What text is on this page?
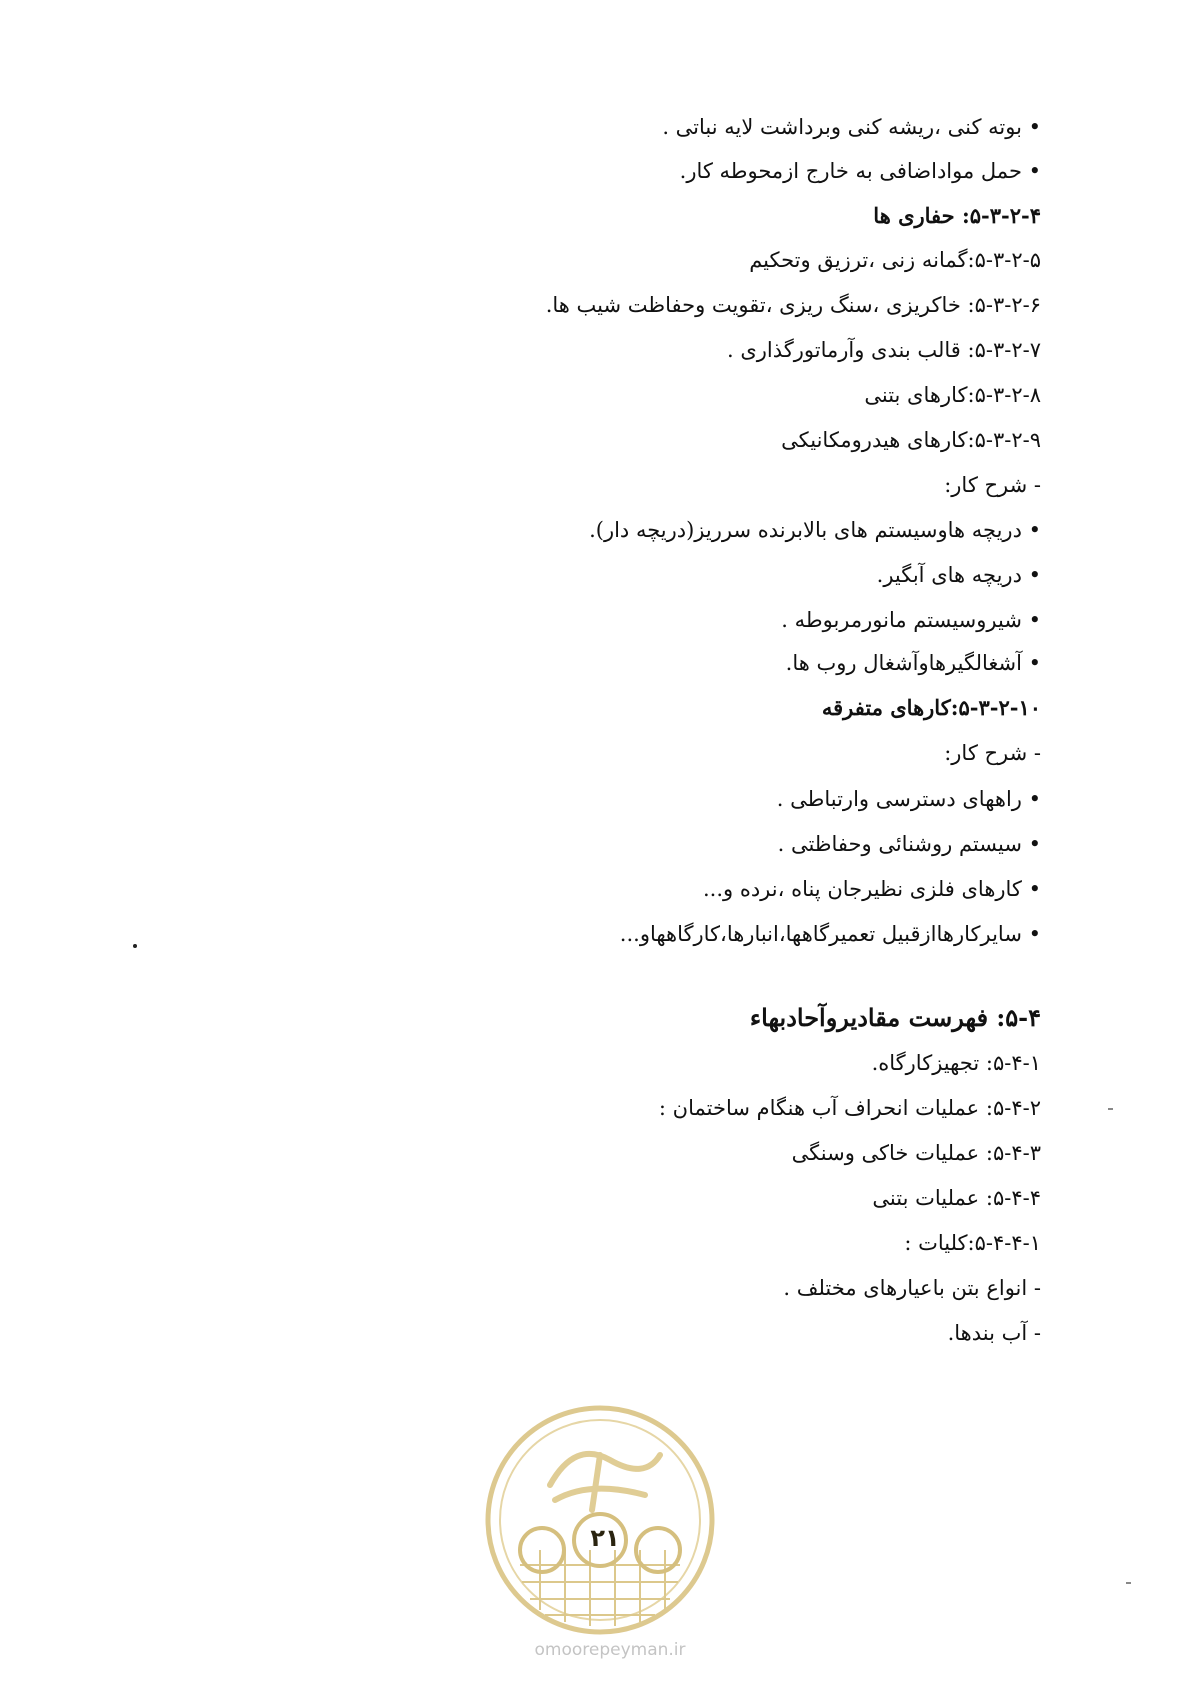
• بوته کنی ،ریشه کنی وبرداشت لایه نباتی .
• حمل مواداضافی به خارج ازمحوطه کار.
۵-۳-۲-۴: حفاری ها
۵-۳-۲-۵:گمانه زنی ،ترزیق وتحکیم
۵-۳-۲-۶: خاکریزی ،سنگ ریزی ،تقویت وحفاظت شیب ها.
۵-۳-۲-۷: قالب بندی وآرماتورگذاری .
۵-۳-۲-۸:کارهای بتنی
۵-۳-۲-۹:کارهای هیدرومکانیکی
- شرح کار:
• دریچه هاوسیستم های بالابرنده سرریز(دریچه دار).
• دریچه های آبگیر.
• شیروسیستم مانورمربوطه .
• آشغالگیرهاوآشغال روب ها.
۵-۳-۲-۱۰:کارهای متفرقه
- شرح کار:
• راههای دسترسی وارتباطی .
• سیستم روشنائی وحفاظتی .
• کارهای فلزی نظیرجان پناه ،نرده و...
• سایرکارهاازقبیل تعمیرگاهها،انبارها،کارگاههاو...
۵-۴: فهرست مقادیروآحادبهاء
۵-۴-۱: تجهیزکارگاه.
۵-۴-۲: عملیات انحراف آب هنگام ساختمان :
۵-۴-۳: عملیات خاکی وسنگی
۵-۴-۴: عملیات بتنی
۵-۴-۴-۱:کلیات :
- انواع بتن باعیارهای مختلف .
- آب بندها.
۲۱
omoorepeyman.ir
